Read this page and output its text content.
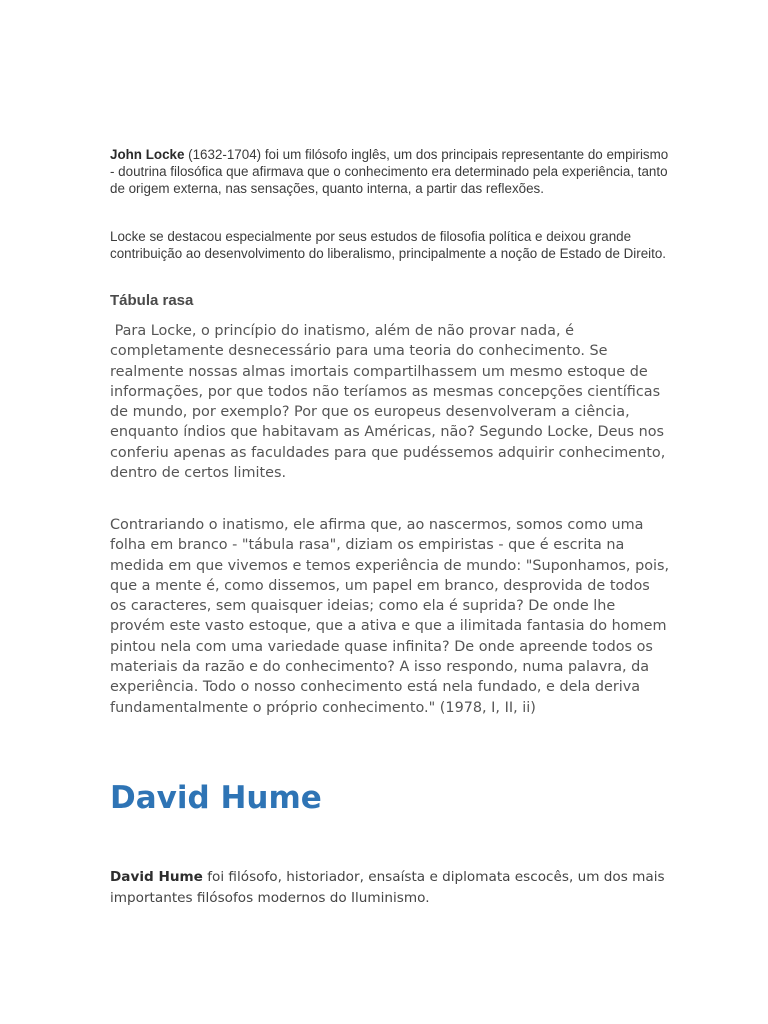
John Locke (1632-1704) foi um filósofo inglês, um dos principais representante do empirismo - doutrina filosófica que afirmava que o conhecimento era determinado pela experiência, tanto de origem externa, nas sensações, quanto interna, a partir das reflexões.

Locke se destacou especialmente por seus estudos de filosofia política e deixou grande contribuição ao desenvolvimento do liberalismo, principalmente a noção de Estado de Direito.

Tábula rasa

Para Locke, o princípio do inatismo, além de não provar nada, é completamente desnecessário para uma teoria do conhecimento. Se realmente nossas almas imortais compartilhassem um mesmo estoque de informações, por que todos não teríamos as mesmas concepções científicas de mundo, por exemplo? Por que os europeus desenvolveram a ciência, enquanto índios que habitavam as Américas, não? Segundo Locke, Deus nos conferiu apenas as faculdades para que pudéssemos adquirir conhecimento, dentro de certos limites.

Contrariando o inatismo, ele afirma que, ao nascermos, somos como uma folha em branco - "tábula rasa", diziam os empiristas - que é escrita na medida em que vivemos e temos experiência de mundo: "Suponhamos, pois, que a mente é, como dissemos, um papel em branco, desprovida de todos os caracteres, sem quaisquer ideias; como ela é suprida? De onde lhe provém este vasto estoque, que a ativa e que a ilimitada fantasia do homem pintou nela com uma variedade quase infinita? De onde apreende todos os materiais da razão e do conhecimento? A isso respondo, numa palavra, da experiência. Todo o nosso conhecimento está nela fundado, e dela deriva fundamentalmente o próprio conhecimento." (1978, I, II, ii)

David Hume

David Hume foi filósofo, historiador, ensaísta e diplomata escocês, um dos mais importantes filósofos modernos do Iluminismo.
